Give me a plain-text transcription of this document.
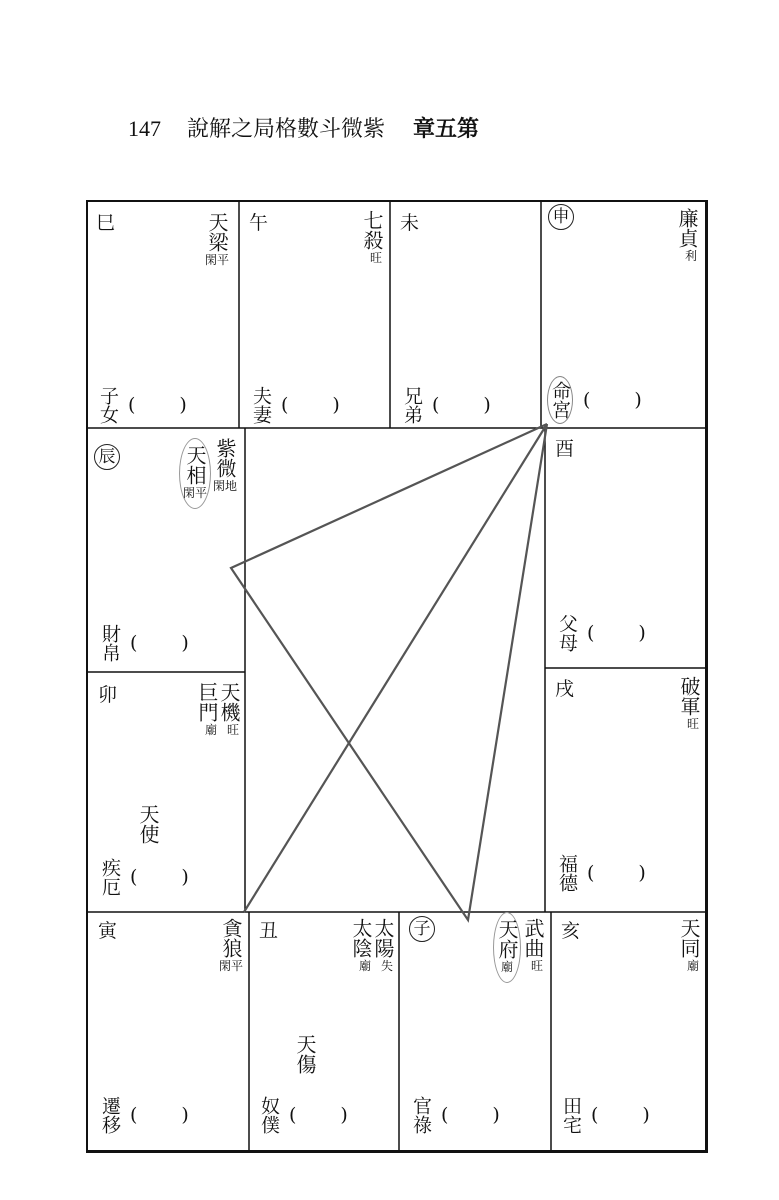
147 說解之局格數斗微紫 章五第
巳	天梁
閑平
子女 ( )
午	七殺
旺
夫妻 ( )
未
兄弟 ( )
申	廉貞
利
命宮 ( )
辰	紫微
閑地
天相
閑平
財帛 ( )
酉
父母 ( )
卯	天機
旺
巨門
廟
天使
疾厄 ( )
戌	破軍
旺
福德 ( )
寅	貪狼
閑平
遷移 ( )
丑	太陽
失
太陰
廟
天傷
奴僕 ( )
子	武曲
旺
天府
廟
官祿 ( )
亥	天同
廟
田宅 ( )
